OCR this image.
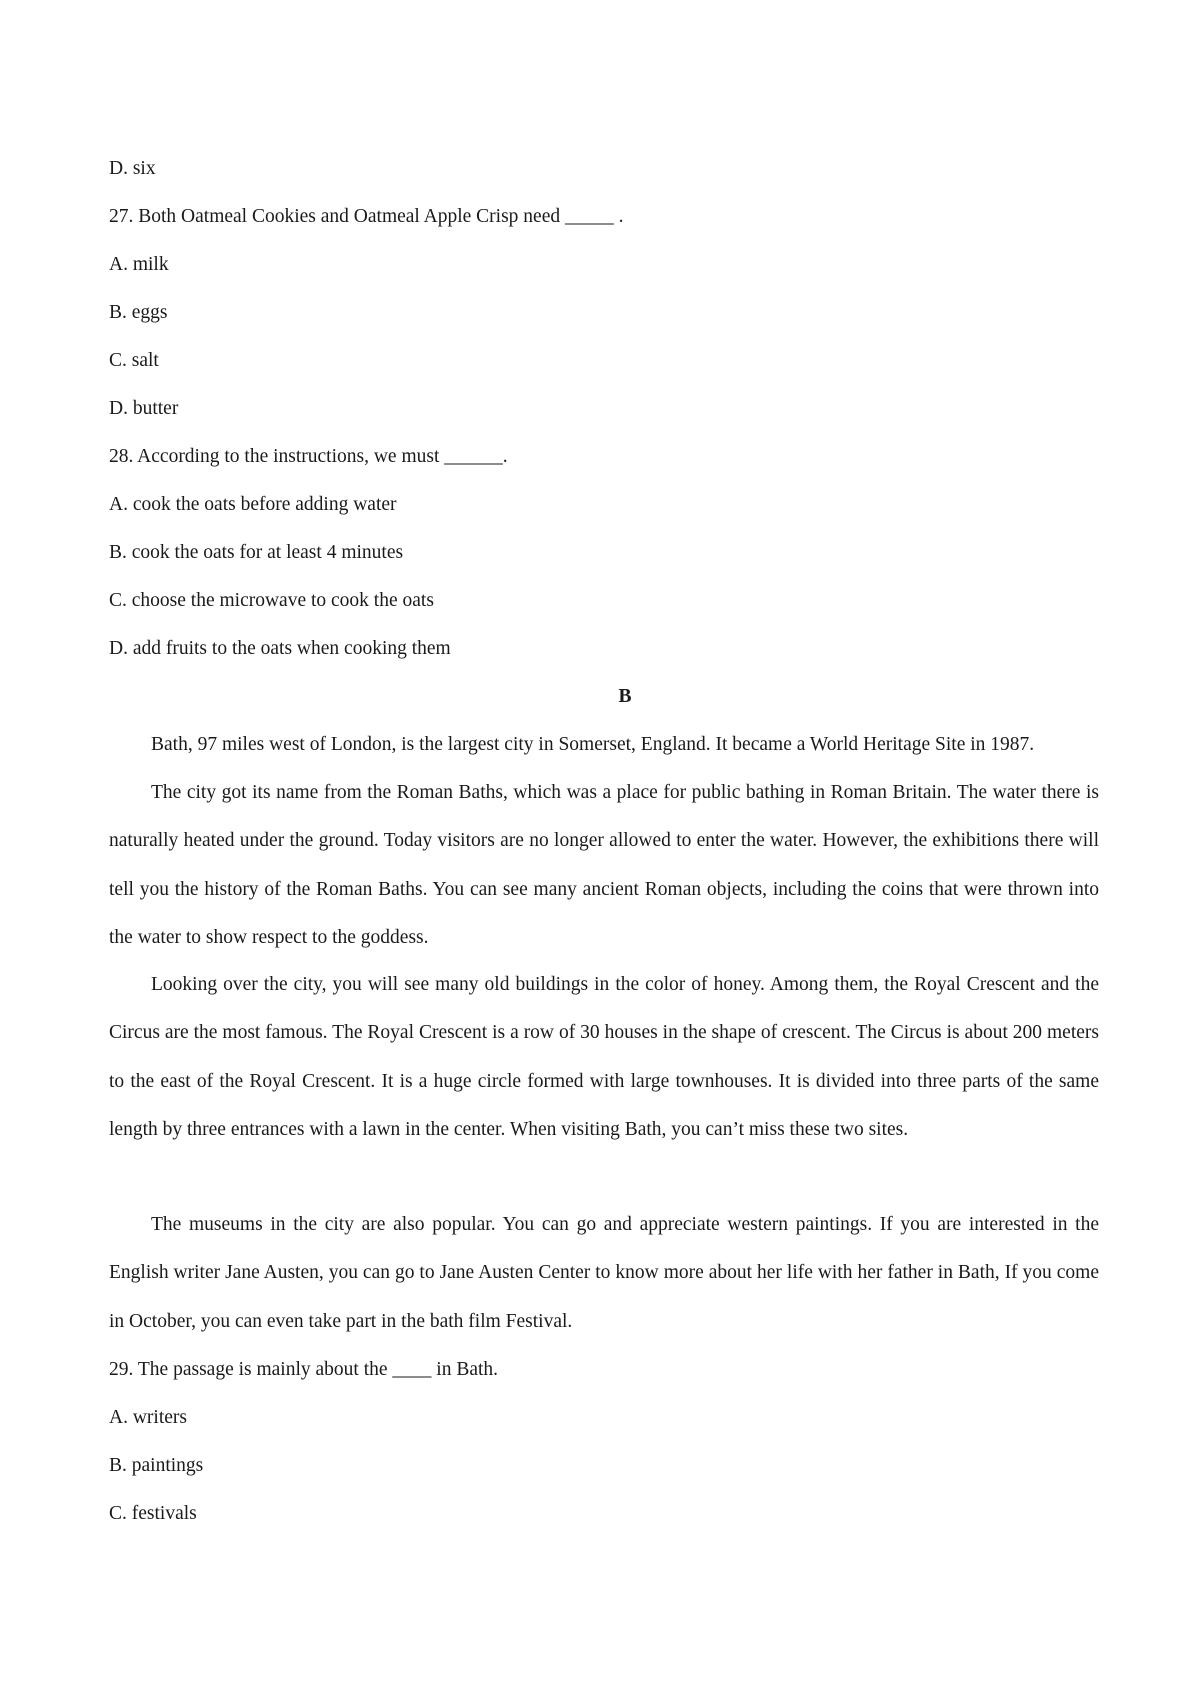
D. six
27. Both Oatmeal Cookies and Oatmeal Apple Crisp need _____ .
A. milk
B. eggs
C. salt
D. butter
28. According to the instructions, we must ______.
A. cook the oats before adding water
B. cook the oats for at least 4 minutes
C. choose the microwave to cook the oats
D. add fruits to the oats when cooking them
B
Bath, 97 miles west of London, is the largest city in Somerset, England. It became a World Heritage Site in 1987.
The city got its name from the Roman Baths, which was a place for public bathing in Roman Britain. The water there is naturally heated under the ground. Today visitors are no longer allowed to enter the water. However, the exhibitions there will tell you the history of the Roman Baths. You can see many ancient Roman objects, including the coins that were thrown into the water to show respect to the goddess.
Looking over the city, you will see many old buildings in the color of honey. Among them, the Royal Crescent and the Circus are the most famous. The Royal Crescent is a row of 30 houses in the shape of crescent. The Circus is about 200 meters to the east of the Royal Crescent. It is a huge circle formed with large townhouses. It is divided into three parts of the same length by three entrances with a lawn in the center. When visiting Bath, you can’t miss these two sites.
The museums in the city are also popular. You can go and appreciate western paintings. If you are interested in the English writer Jane Austen, you can go to Jane Austen Center to know more about her life with her father in Bath, If you come in October, you can even take part in the bath film Festival.
29. The passage is mainly about the ____ in Bath.
A. writers
B. paintings
C. festivals
